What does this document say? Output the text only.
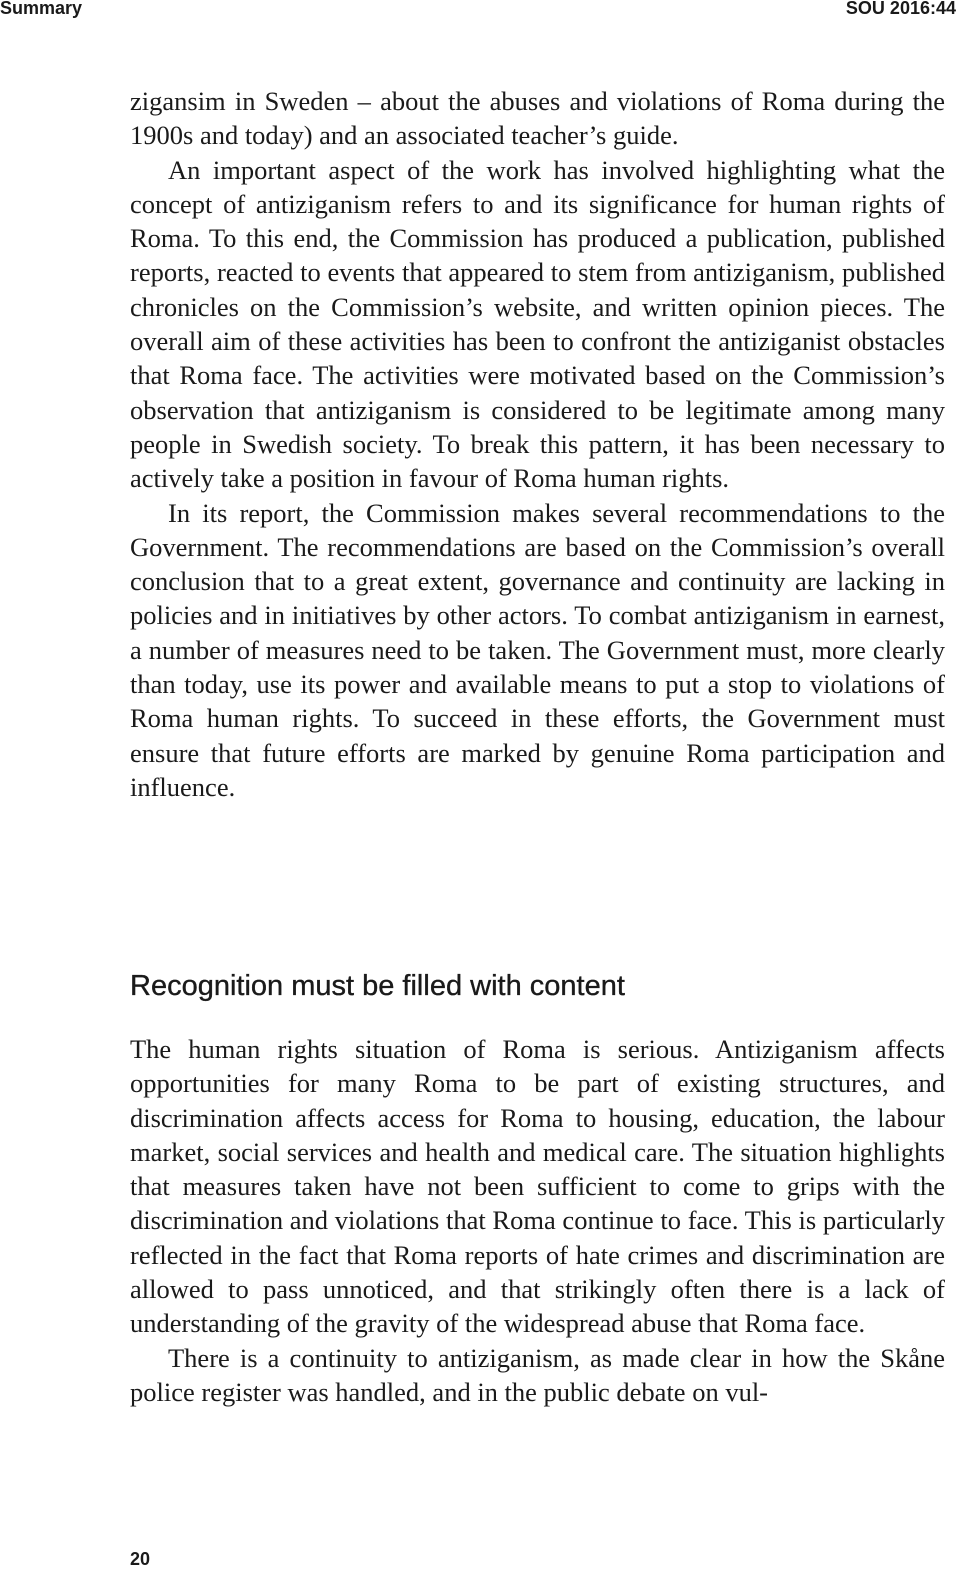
Summary	SOU 2016:44

zigansim in Sweden – about the abuses and violations of Roma during the 1900s and today) and an associated teacher’s guide.

An important aspect of the work has involved highlighting what the concept of antiziganism refers to and its significance for human rights of Roma. To this end, the Commission has produced a publication, published reports, reacted to events that appeared to stem from antiziganism, published chronicles on the Commission’s website, and written opinion pieces. The overall aim of these activities has been to confront the antiziganist obstacles that Roma face. The activities were motivated based on the Commission’s observation that antiziganism is considered to be legitimate among many people in Swedish society. To break this pattern, it has been necessary to actively take a position in favour of Roma human rights.

In its report, the Commission makes several recommendations to the Government. The recommendations are based on the Commission’s overall conclusion that to a great extent, governance and continuity are lacking in policies and in initiatives by other actors. To combat antiziganism in earnest, a number of measures need to be taken. The Government must, more clearly than today, use its power and available means to put a stop to violations of Roma human rights. To succeed in these efforts, the Government must ensure that future efforts are marked by genuine Roma participation and influence.

Recognition must be filled with content

The human rights situation of Roma is serious. Antiziganism affects opportunities for many Roma to be part of existing structures, and discrimination affects access for Roma to housing, education, the labour market, social services and health and medical care. The situation highlights that measures taken have not been sufficient to come to grips with the discrimination and violations that Roma continue to face. This is particularly reflected in the fact that Roma reports of hate crimes and discrimination are allowed to pass unnoticed, and that strikingly often there is a lack of understanding of the gravity of the widespread abuse that Roma face.

There is a continuity to antiziganism, as made clear in how the Skåne police register was handled, and in the public debate on vul-

20
